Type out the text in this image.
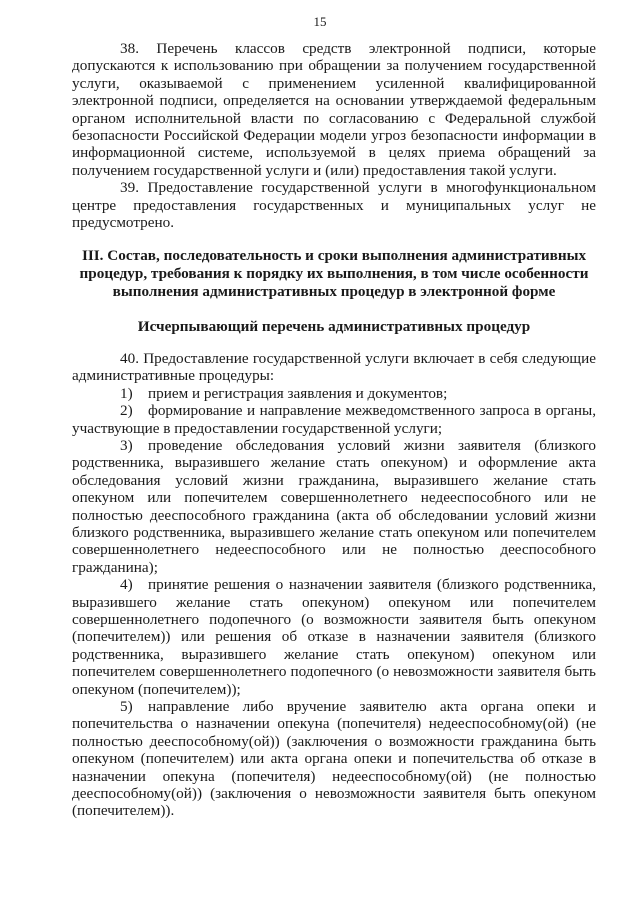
15

38. Перечень классов средств электронной подписи, которые допускаются к использованию при обращении за получением государственной услуги, оказываемой с применением усиленной квалифицированной электронной подписи, определяется на основании утверждаемой федеральным органом исполнительной власти по согласованию с Федеральной службой безопасности Российской Федерации модели угроз безопасности информации в информационной системе, используемой в целях приема обращений за получением государственной услуги и (или) предоставления такой услуги.

39. Предоставление государственной услуги в многофункциональном центре предоставления государственных и муниципальных услуг не предусмотрено.

III. Состав, последовательность и сроки выполнения административных процедур, требования к порядку их выполнения, в том числе особенности выполнения административных процедур в электронной форме
Исчерпывающий перечень административных процедур

40. Предоставление государственной услуги включает в себя следующие административные процедуры:

1) прием и регистрация заявления и документов;

2) формирование и направление межведомственного запроса в органы, участвующие в предоставлении государственной услуги;

3) проведение обследования условий жизни заявителя (близкого родственника, выразившего желание стать опекуном) и оформление акта обследования условий жизни гражданина, выразившего желание стать опекуном или попечителем совершеннолетнего недееспособного или не полностью дееспособного гражданина (акта об обследовании условий жизни близкого родственника, выразившего желание стать опекуном или попечителем совершеннолетнего недееспособного или не полностью дееспособного гражданина);

4) принятие решения о назначении заявителя (близкого родственника, выразившего желание стать опекуном) опекуном или попечителем совершеннолетнего подопечного (о возможности заявителя быть опекуном (попечителем)) или решения об отказе в назначении заявителя (близкого родственника, выразившего желание стать опекуном) опекуном или попечителем совершеннолетнего подопечного (о невозможности заявителя быть опекуном (попечителем));

5) направление либо вручение заявителю акта органа опеки и попечительства о назначении опекуна (попечителя) недееспособному(ой) (не полностью дееспособному(ой)) (заключения о возможности гражданина быть опекуном (попечителем) или акта органа опеки и попечительства об отказе в назначении опекуна (попечителя) недееспособному(ой) (не полностью дееспособному(ой)) (заключения о невозможности заявителя быть опекуном (попечителем)).
